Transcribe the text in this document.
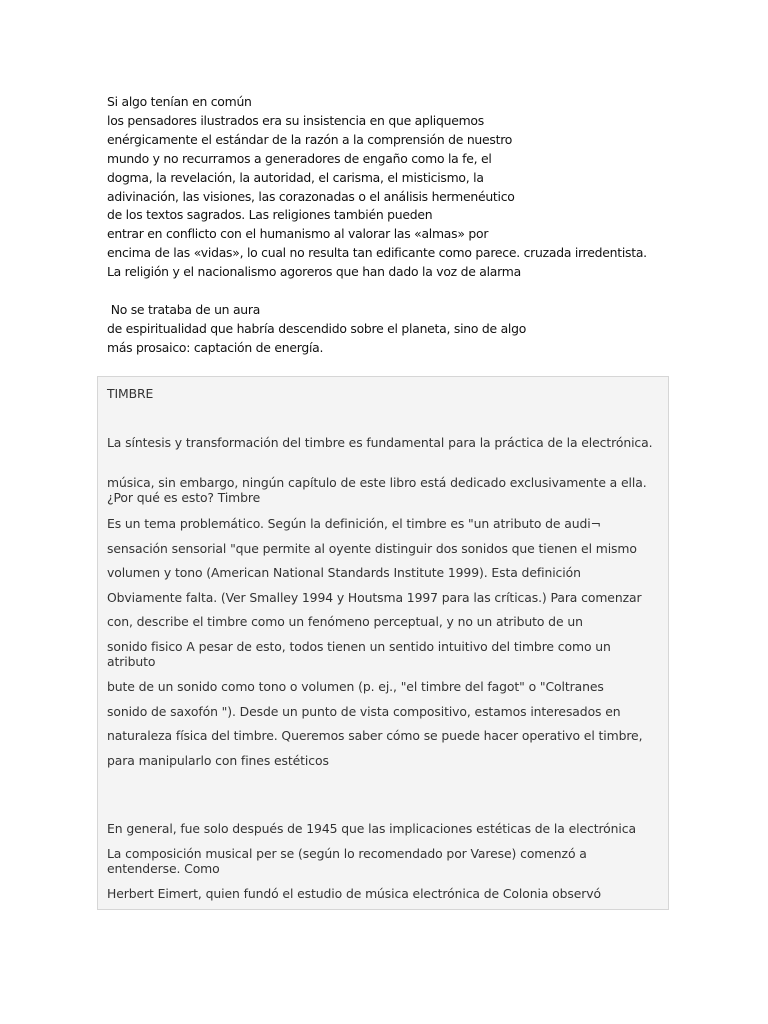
Si algo tenían en común
los pensadores ilustrados era su insistencia en que apliquemos
enérgicamente el estándar de la razón a la comprensión de nuestro
mundo y no recurramos a generadores de engaño como la fe, el
dogma, la revelación, la autoridad, el carisma, el misticismo, la
adivinación, las visiones, las corazonadas o el análisis hermenéutico
de los textos sagrados. Las religiones también pueden
entrar en conflicto con el humanismo al valorar las «almas» por
encima de las «vidas», lo cual no resulta tan edificante como parece. cruzada irredentista.
La religión y el nacionalismo agoreros que han dado la voz de alarma
No se trataba de un aura
de espiritualidad que habría descendido sobre el planeta, sino de algo
más prosaico: captación de energía.

TIMBRE

La síntesis y transformación del timbre es fundamental para la práctica de la electrónica.

música, sin embargo, ningún capítulo de este libro está dedicado exclusivamente a ella. ¿Por qué es esto? Timbre

Es un tema problemático. Según la definición, el timbre es "un atributo de audi¬

sensación sensorial "que permite al oyente distinguir dos sonidos que tienen el mismo

volumen y tono (American National Standards Institute 1999). Esta definición

Obviamente falta. (Ver Smalley 1994 y Houtsma 1997 para las críticas.) Para comenzar

con, describe el timbre como un fenómeno perceptual, y no un atributo de un

sonido fisico A pesar de esto, todos tienen un sentido intuitivo del timbre como un atributo

bute de un sonido como tono o volumen (p. ej., "el timbre del fagot" o "Coltranes

sonido de saxofón "). Desde un punto de vista compositivo, estamos interesados en

naturaleza física del timbre. Queremos saber cómo se puede hacer operativo el timbre,

para manipularlo con fines estéticos

En general, fue solo después de 1945 que las implicaciones estéticas de la electrónica

La composición musical per se (según lo recomendado por Varese) comenzó a entenderse. Como

Herbert Eimert, quien fundó el estudio de música electrónica de Colonia observó
